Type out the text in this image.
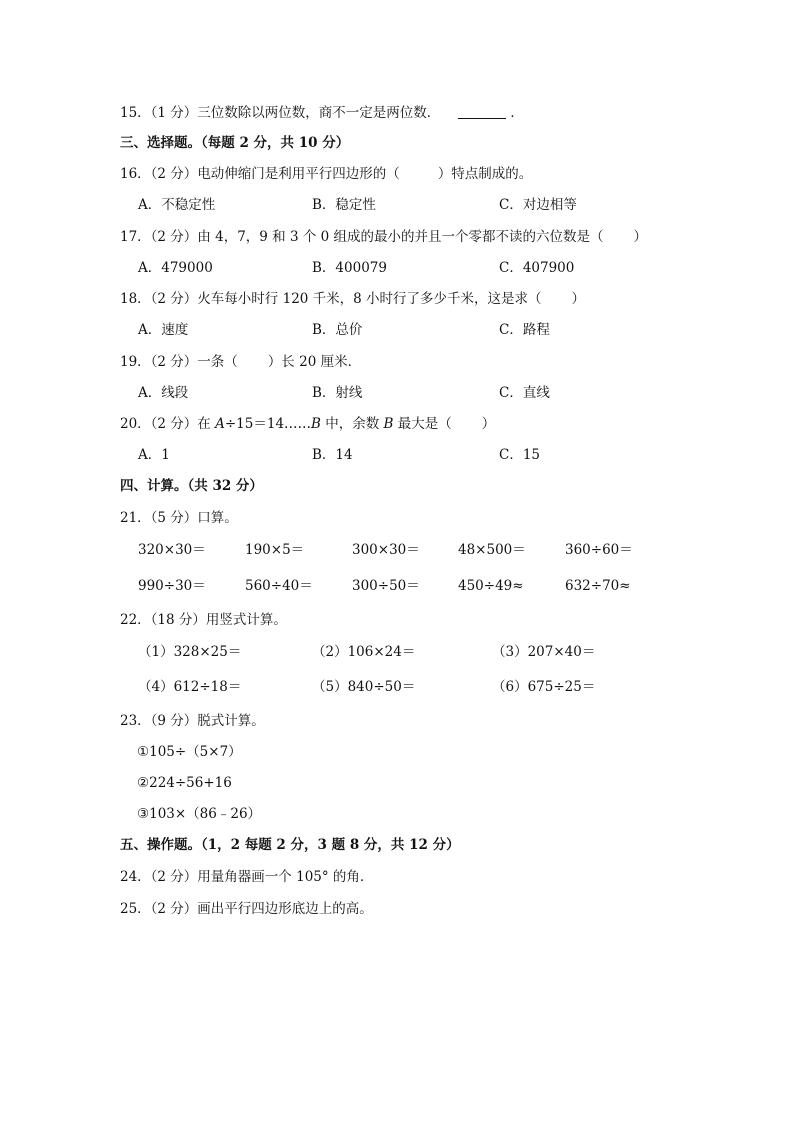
15．（1 分）三位数除以两位数，商不一定是两位数．	．
三、选择题。（每题 2 分，共 10 分）
16．（2 分）电动伸缩门是利用平行四边形的（	）特点制成的。
A．不稳定性	B．稳定性	C．对边相等
17．（2 分）由 4，7，9 和 3 个 0 组成的最小的并且一个零都不读的六位数是（ ）
A．479000	B．400079	C．407900
18．（2 分）火车每小时行 120 千米，8 小时行了多少千米，这是求（ ）
A．速度	B．总价	C．路程
19．（2 分）一条（ ）长 20 厘米．
A．线段	B．射线	C．直线
20．（2 分）在 A÷15＝14……B 中，余数 B 最大是（ ）
A．1	B．14	C．15
四、计算。（共 32 分）
21．（5 分）口算。
320×30＝	190×5＝	300×30＝	48×500＝	360÷60＝
990÷30＝	560÷40＝	300÷50＝	450÷49≈	632÷70≈
22．（18 分）用竖式计算。
（1）328×25＝	（2）106×24＝	（3）207×40＝
（4）612÷18＝	（5）840÷50＝	（6）675÷25＝
23．（9 分）脱式计算。
①105÷（5×7）
②224÷56+16
③103×（86﹣26）
五、操作题。（1，2 每题 2 分，3 题 8 分，共 12 分）
24．（2 分）用量角器画一个 105° 的角．
25．（2 分）画出平行四边形底边上的高。
